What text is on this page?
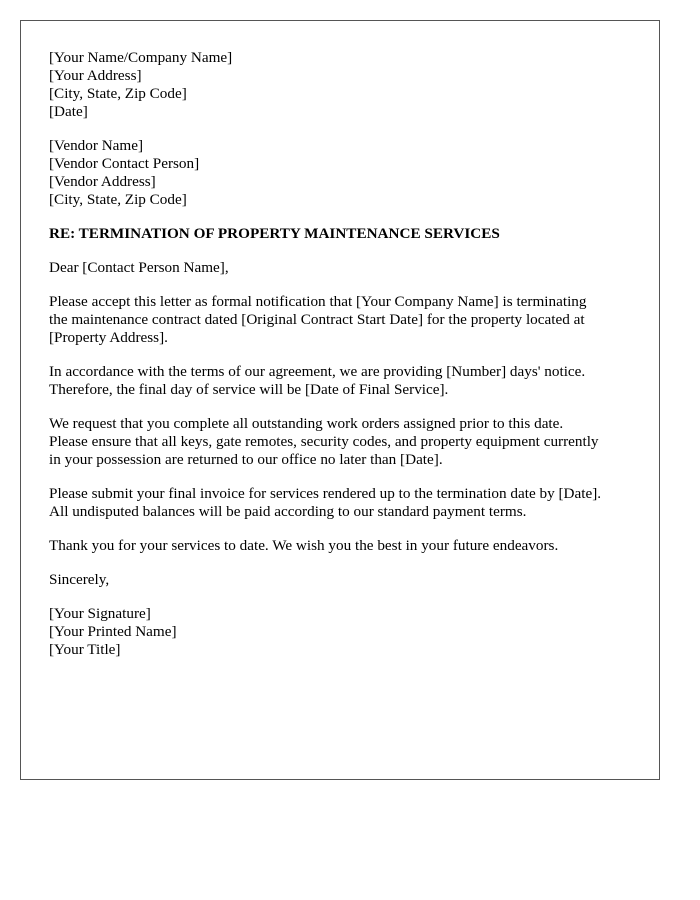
[Your Name/Company Name]
[Your Address]
[City, State, Zip Code]
[Date]
[Vendor Name]
[Vendor Contact Person]
[Vendor Address]
[City, State, Zip Code]
RE: TERMINATION OF PROPERTY MAINTENANCE SERVICES

Dear [Contact Person Name],

Please accept this letter as formal notification that [Your Company Name] is terminating
the maintenance contract dated [Original Contract Start Date] for the property located at
[Property Address].

In accordance with the terms of our agreement, we are providing [Number] days' notice.
Therefore, the final day of service will be [Date of Final Service].

We request that you complete all outstanding work orders assigned prior to this date.
Please ensure that all keys, gate remotes, security codes, and property equipment currently
in your possession are returned to our office no later than [Date].

Please submit your final invoice for services rendered up to the termination date by [Date].
All undisputed balances will be paid according to our standard payment terms.

Thank you for your services to date. We wish you the best in your future endeavors.

Sincerely,

[Your Signature]
[Your Printed Name]
[Your Title]
